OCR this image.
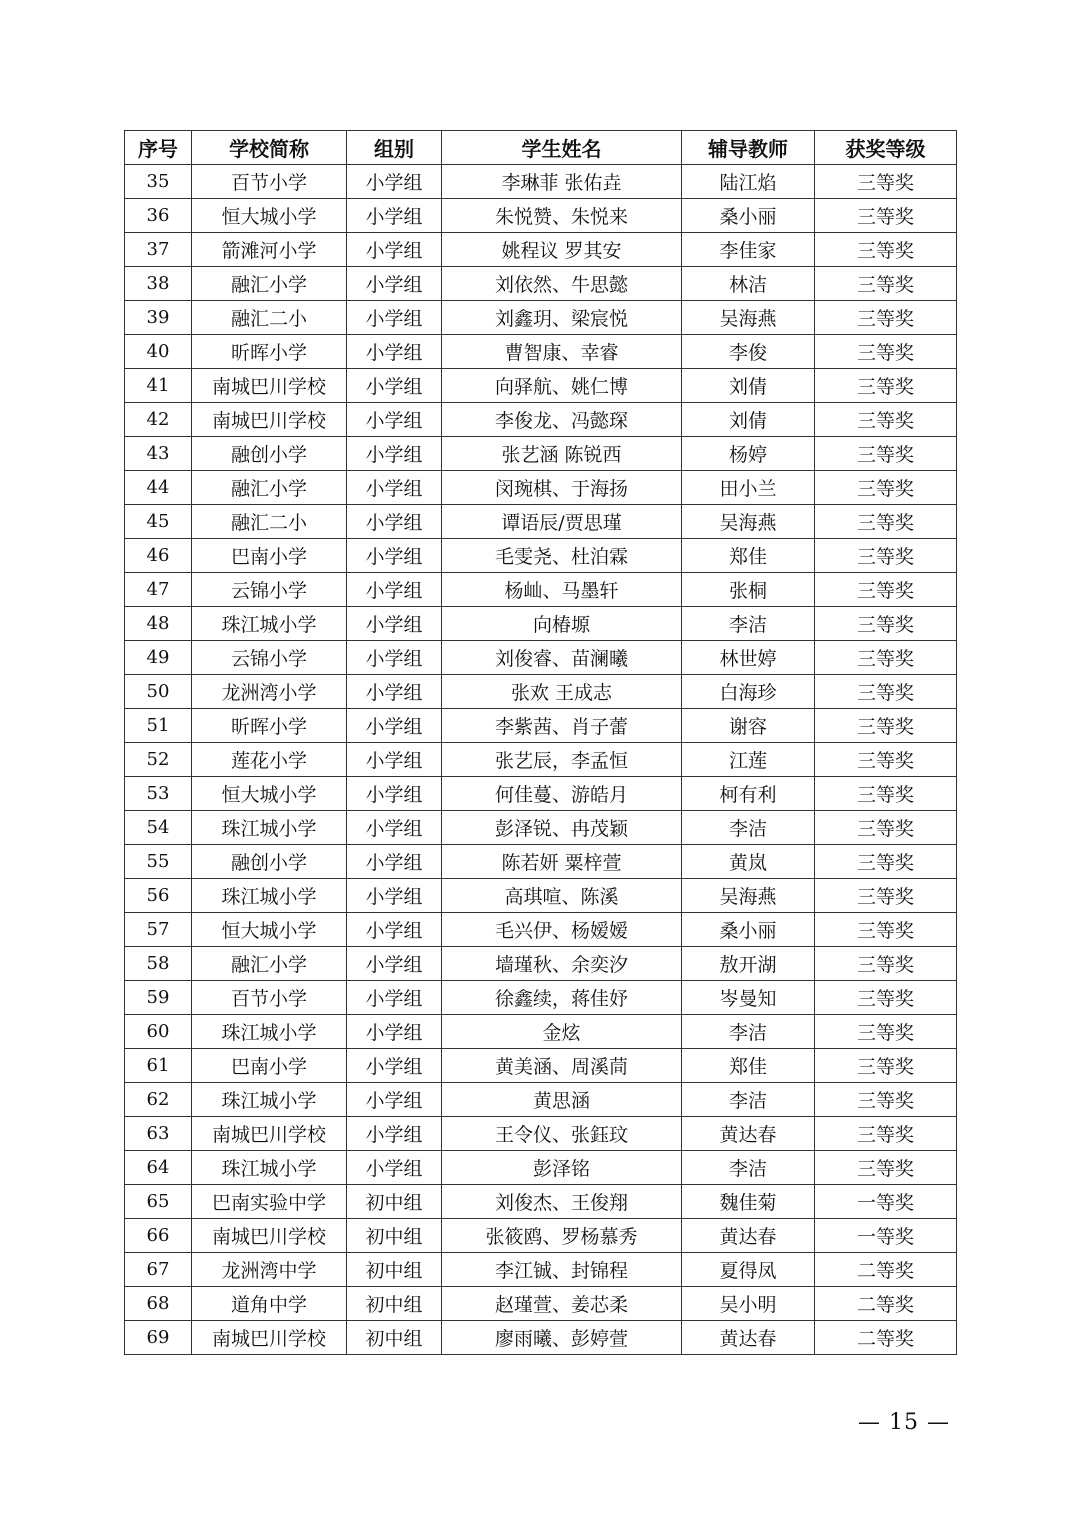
序号	学校简称	组别	学生姓名	辅导教师	获奖等级
35	百节小学	小学组	李琳菲 张佑垚	陆江焰	三等奖
36	恒大城小学	小学组	朱悦赞、朱悦来	桑小丽	三等奖
37	箭滩河小学	小学组	姚程议 罗其安	李佳家	三等奖
38	融汇小学	小学组	刘依然、牛思懿	林洁	三等奖
39	融汇二小	小学组	刘鑫玥、梁宸悦	吴海燕	三等奖
40	昕晖小学	小学组	曹智康、幸睿	李俊	三等奖
41	南城巴川学校	小学组	向驿航、姚仁博	刘倩	三等奖
42	南城巴川学校	小学组	李俊龙、冯懿琛	刘倩	三等奖
43	融创小学	小学组	张艺涵 陈锐西	杨婷	三等奖
44	融汇小学	小学组	闵琬棋、于海扬	田小兰	三等奖
45	融汇二小	小学组	谭语辰/贾思瑾	吴海燕	三等奖
46	巴南小学	小学组	毛雯尧、杜泊霖	郑佳	三等奖
47	云锦小学	小学组	杨屾、马墨轩	张桐	三等奖
48	珠江城小学	小学组	向椿塬	李洁	三等奖
49	云锦小学	小学组	刘俊睿、苗澜曦	林世婷	三等奖
50	龙洲湾小学	小学组	张欢 王成志	白海珍	三等奖
51	昕晖小学	小学组	李紫茜、肖子蕾	谢容	三等奖
52	莲花小学	小学组	张艺辰，李孟恒	江莲	三等奖
53	恒大城小学	小学组	何佳蔓、游皓月	柯有利	三等奖
54	珠江城小学	小学组	彭泽锐、冉茂颖	李洁	三等奖
55	融创小学	小学组	陈若妍 粟梓萱	黄岚	三等奖
56	珠江城小学	小学组	高琪喧、陈溪	吴海燕	三等奖
57	恒大城小学	小学组	毛兴伊、杨嫒嫒	桑小丽	三等奖
58	融汇小学	小学组	墙瑾秋、余奕汐	敖开湖	三等奖
59	百节小学	小学组	徐鑫续，蒋佳妤	岑曼知	三等奖
60	珠江城小学	小学组	金炫	李洁	三等奖
61	巴南小学	小学组	黄美涵、周溪茼	郑佳	三等奖
62	珠江城小学	小学组	黄思涵	李洁	三等奖
63	南城巴川学校	小学组	王令仪、张鈺玟	黄达春	三等奖
64	珠江城小学	小学组	彭泽铭	李洁	三等奖
65	巴南实验中学	初中组	刘俊杰、王俊翔	魏佳菊	一等奖
66	南城巴川学校	初中组	张筱鸥、罗杨慕秀	黄达春	一等奖
67	龙洲湾中学	初中组	李江铖、封锦程	夏得凤	二等奖
68	道角中学	初中组	赵瑾萱、姜芯柔	吴小明	二等奖
69	南城巴川学校	初中组	廖雨曦、彭婷萱	黄达春	二等奖
— 15 —
